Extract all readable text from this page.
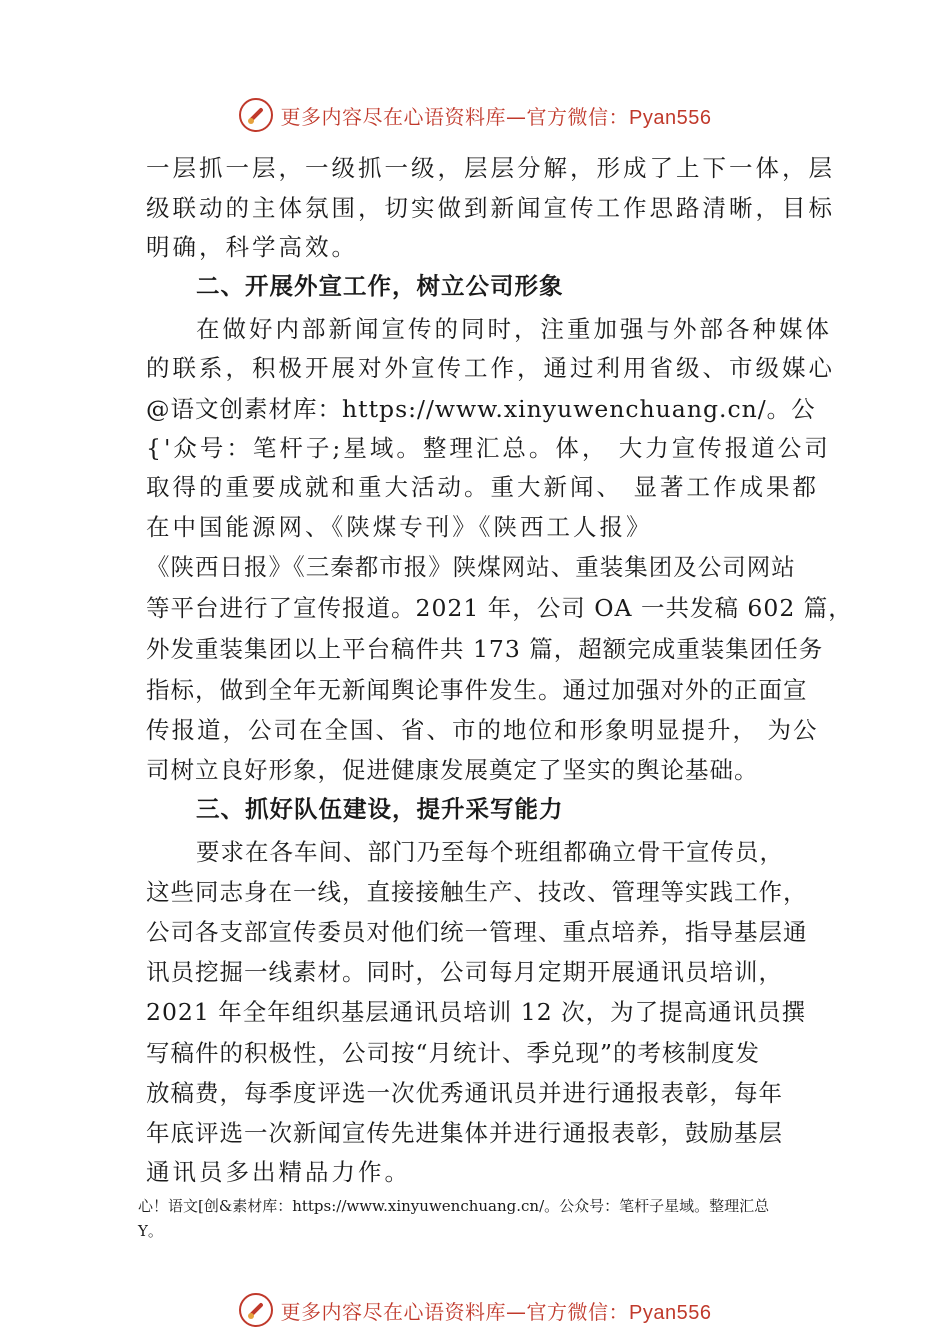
更多内容尽在心语资料库—官方微信：Pyan556
一层抓一层，一级抓一级，层层分解，形成了上下一体，层
级联动的主体氛围，切实做到新闻宣传工作思路清晰，目标
明确，科学高效。
二、开展外宣工作，树立公司形象
在做好内部新闻宣传的同时，注重加强与外部各种媒体
的联系，积极开展对外宣传工作，通过利用省级、市级媒心
@语文创素材库：https://www.xinyuwenchuang.cn/。公
{'众号：笔杆子;星域。整理汇总。体， 大力宣传报道公司
取得的重要成就和重大活动。重大新闻、 显著工作成果都
在中国能源网、《陕煤专刊》《陕西工人报》
《陕西日报》《三秦都市报》陕煤网站、重装集团及公司网站
等平台进行了宣传报道。2021 年，公司 OA 一共发稿 602 篇，
外发重装集团以上平台稿件共 173 篇，超额完成重装集团任务
指标，做到全年无新闻舆论事件发生。通过加强对外的正面宣
传报道，公司在全国、省、市的地位和形象明显提升， 为公
司树立良好形象，促进健康发展奠定了坚实的舆论基础。
三、抓好队伍建设，提升采写能力
要求在各车间、部门乃至每个班组都确立骨干宣传员，
这些同志身在一线，直接接触生产、技改、管理等实践工作，
公司各支部宣传委员对他们统一管理、重点培养，指导基层通
讯员挖掘一线素材。同时，公司每月定期开展通讯员培训，
2021 年全年组织基层通讯员培训 12 次，为了提高通讯员撰
写稿件的积极性，公司按“月统计、季兑现”的考核制度发
放稿费，每季度评选一次优秀通讯员并进行通报表彰，每年
年底评选一次新闻宣传先进集体并进行通报表彰，鼓励基层
通讯员多出精品力作。
心！语文[创&素材库：https://www.xinyuwenchuang.cn/。公众号：笔杆子星域。整理汇总
Y。
更多内容尽在心语资料库—官方微信：Pyan556
